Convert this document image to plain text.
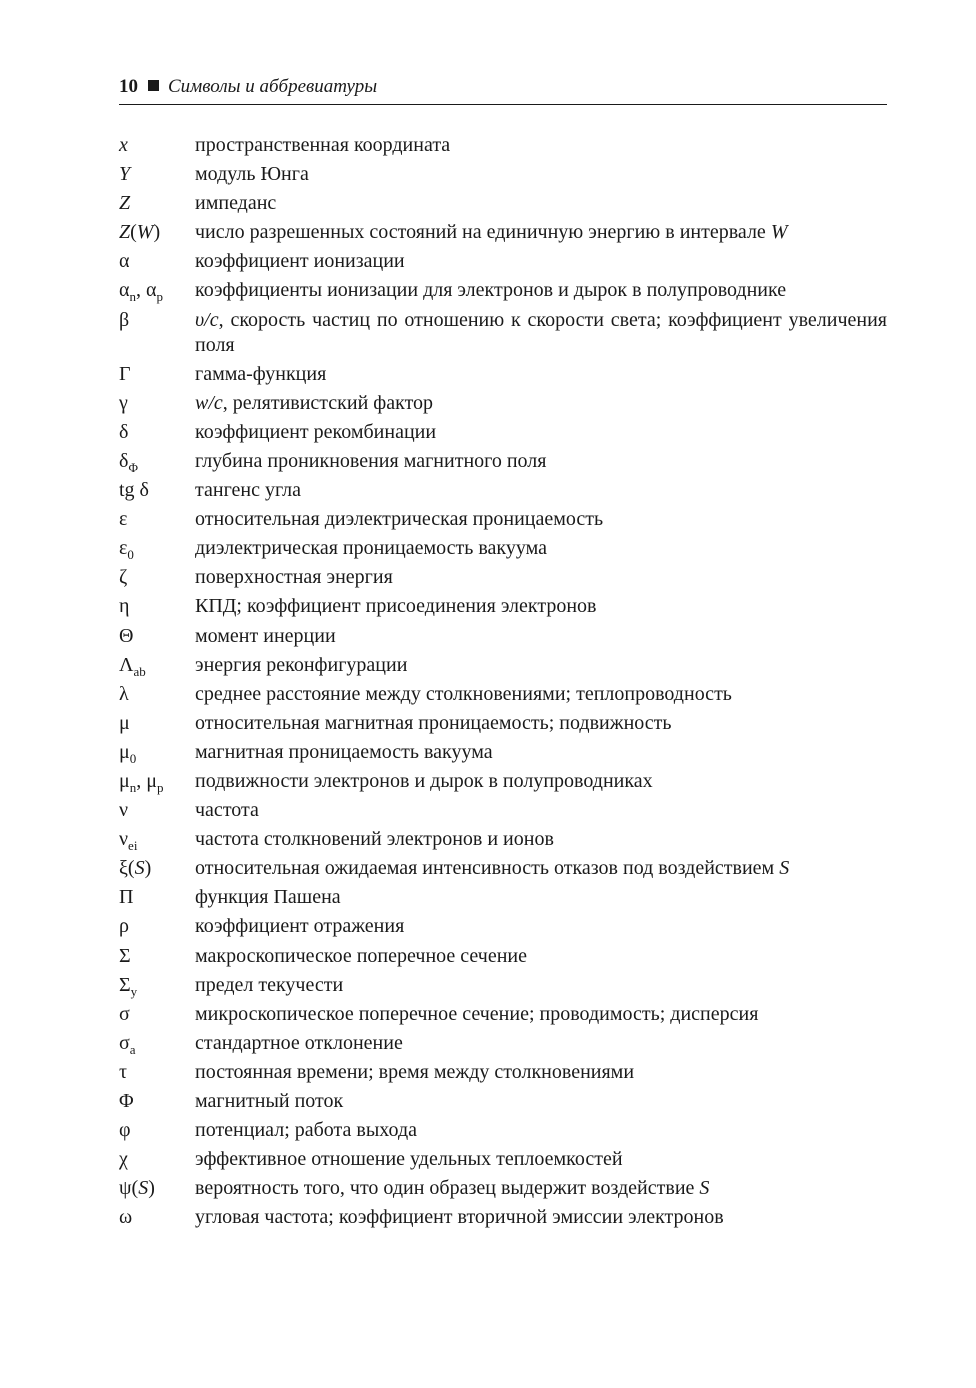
10 Символы и аббревиатуры
x	пространственная координата
Y	модуль Юнга
Z	импеданс
Z(W)	число разрешенных состояний на единичную энергию в интервале W
α	коэффициент ионизации
$\alpha_n$, $\alpha_p$	коэффициенты ионизации для электронов и дырок в полупроводнике
β	υ/c, скорость частиц по отношению к скорости света; коэффициент увеличения поля
Γ	гамма-функция
γ	w/c, релятивистский фактор
δ	коэффициент рекомбинации
$\delta_\Phi$	глубина проникновения магнитного поля
tg δ	тангенс угла
ε	относительная диэлектрическая проницаемость
$\varepsilon_0$	диэлектрическая проницаемость вакуума
ζ	поверхностная энергия
η	КПД; коэффициент присоединения электронов
Θ	момент инерции
$\Lambda_{ab}$	энергия реконфигурации
λ	среднее расстояние между столкновениями; теплопроводность
μ	относительная магнитная проницаемость; подвижность
$\mu_0$	магнитная проницаемость вакуума
$\mu_n$, $\mu_p$	подвижности электронов и дырок в полупроводниках
ν	частота
$\nu_{ei}$	частота столкновений электронов и ионов
ξ(S)	относительная ожидаемая интенсивность отказов под воздействием S
Π	функция Пашена
ρ	коэффициент отражения
Σ	макроскопическое поперечное сечение
$\Sigma_y$	предел текучести
σ	микроскопическое поперечное сечение; проводимость; дисперсия
$\sigma_a$	стандартное отклонение
τ	постоянная времени; время между столкновениями
Φ	магнитный поток
φ	потенциал; работа выхода
χ	эффективное отношение удельных теплоемкостей
ψ(S)	вероятность того, что один образец выдержит воздействие S
ω	угловая частота; коэффициент вторичной эмиссии электронов
